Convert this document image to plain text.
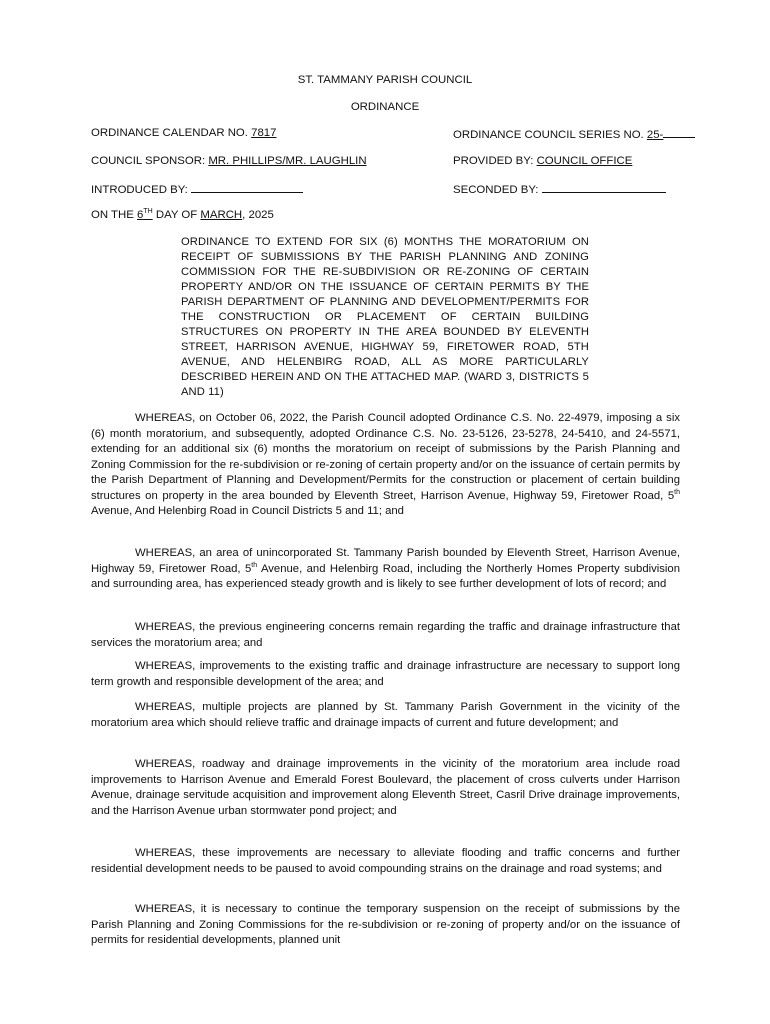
ST. TAMMANY PARISH COUNCIL
ORDINANCE
ORDINANCE CALENDAR NO. 7817	ORDINANCE COUNCIL SERIES NO. 25-
COUNCIL SPONSOR: MR. PHILLIPS/MR. LAUGHLIN	PROVIDED BY: COUNCIL OFFICE
INTRODUCED BY:	SECONDED BY:
ON THE 6TH DAY OF MARCH, 2025
ORDINANCE TO EXTEND FOR SIX (6) MONTHS THE MORATORIUM ON RECEIPT OF SUBMISSIONS BY THE PARISH PLANNING AND ZONING COMMISSION FOR THE RE-SUBDIVISION OR RE-ZONING OF CERTAIN PROPERTY AND/OR ON THE ISSUANCE OF CERTAIN PERMITS BY THE PARISH DEPARTMENT OF PLANNING AND DEVELOPMENT/PERMITS FOR THE CONSTRUCTION OR PLACEMENT OF CERTAIN BUILDING STRUCTURES ON PROPERTY IN THE AREA BOUNDED BY ELEVENTH STREET, HARRISON AVENUE, HIGHWAY 59, FIRETOWER ROAD, 5TH AVENUE, AND HELENBIRG ROAD, ALL AS MORE PARTICULARLY DESCRIBED HEREIN AND ON THE ATTACHED MAP. (WARD 3, DISTRICTS 5 AND 11)
WHEREAS, on October 06, 2022, the Parish Council adopted Ordinance C.S. No. 22-4979, imposing a six (6) month moratorium, and subsequently, adopted Ordinance C.S. No. 23-5126, 23-5278, 24-5410, and 24-5571, extending for an additional six (6) months the moratorium on receipt of submissions by the Parish Planning and Zoning Commission for the re-subdivision or re-zoning of certain property and/or on the issuance of certain permits by the Parish Department of Planning and Development/Permits for the construction or placement of certain building structures on property in the area bounded by Eleventh Street, Harrison Avenue, Highway 59, Firetower Road, 5th Avenue, And Helenbirg Road in Council Districts 5 and 11; and
WHEREAS, an area of unincorporated St. Tammany Parish bounded by Eleventh Street, Harrison Avenue, Highway 59, Firetower Road, 5th Avenue, and Helenbirg Road, including the Northerly Homes Property subdivision and surrounding area, has experienced steady growth and is likely to see further development of lots of record; and
WHEREAS, the previous engineering concerns remain regarding the traffic and drainage infrastructure that services the moratorium area; and
WHEREAS, improvements to the existing traffic and drainage infrastructure are necessary to support long term growth and responsible development of the area; and
WHEREAS, multiple projects are planned by St. Tammany Parish Government in the vicinity of the moratorium area which should relieve traffic and drainage impacts of current and future development; and
WHEREAS, roadway and drainage improvements in the vicinity of the moratorium area include road improvements to Harrison Avenue and Emerald Forest Boulevard, the placement of cross culverts under Harrison Avenue, drainage servitude acquisition and improvement along Eleventh Street, Casril Drive drainage improvements, and the Harrison Avenue urban stormwater pond project; and
WHEREAS, these improvements are necessary to alleviate flooding and traffic concerns and further residential development needs to be paused to avoid compounding strains on the drainage and road systems; and
WHEREAS, it is necessary to continue the temporary suspension on the receipt of submissions by the Parish Planning and Zoning Commissions for the re-subdivision or re-zoning of property and/or on the issuance of permits for residential developments, planned unit
